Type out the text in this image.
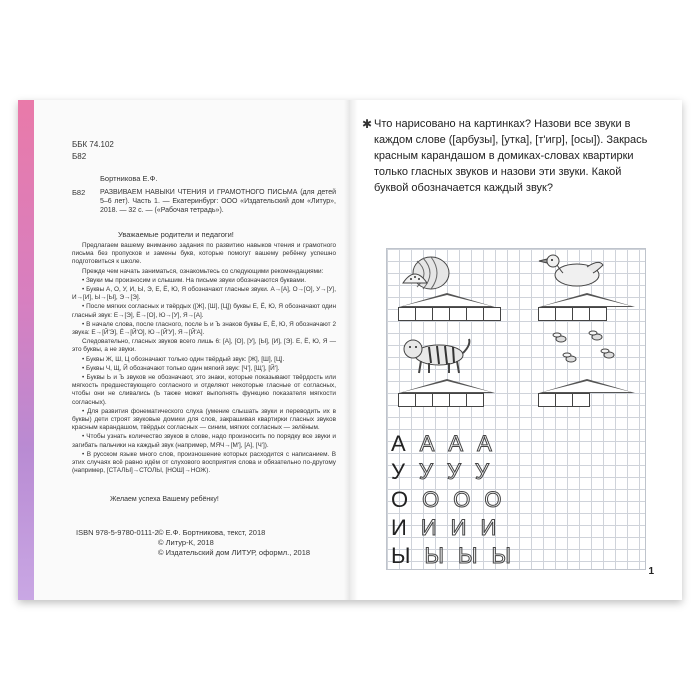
ББК 74.102
Б82
Бортникова Е.Ф.
Б82 РАЗВИВАЕМ НАВЫКИ ЧТЕНИЯ И ГРАМОТНОГО ПИСЬМА (для детей 5–6 лет). Часть 1. — Екатеринбург: ООО «Издательский дом «Литур», 2018. — 32 с. — («Рабочая тетрадь»).
Уважаемые родители и педагоги!

Предлагаем вашему вниманию задания по развитию навыков чтения и грамотного письма без пропусков и замены букв, которые помогут вашему ребёнку успешно подготовиться к школе.

Прежде чем начать заниматься, ознакомьтесь со следующими рекомендациями:

• Звуки мы произносим и слышим. На письме звуки обозначаются буквами.

• Буквы А, О, У, И, Ы, Э, Е, Ё, Ю, Я обозначают гласные звуки. А→[А], О→[О], У→[У], И→[И], Ы→[Ы], Э→[Э].

• После мягких согласных и твёрдых ([Ж], [Ш], [Ц]) буквы Е, Ё, Ю, Я обозначают один гласный звук: Е→[Э], Ё→[О], Ю→[У], Я→[А].

• В начале слова, после гласного, после Ь и Ъ знаков буквы Е, Ё, Ю, Я обозначают 2 звука: Е→[Й'Э], Ё→[Й'О], Ю→[Й'У], Я→[Й'А].

Следовательно, гласных звуков всего лишь 6: [А], [О], [У], [Ы], [И], [Э]. Е, Ё, Ю, Я — это буквы, а не звуки.

• Буквы Ж, Ш, Ц обозначают только один твёрдый звук: [Ж], [Ш], [Ц].

• Буквы Ч, Щ, Й обозначают только один мягкий звук: [Ч'], [Щ'], [Й'].

• Буквы Ь и Ъ звуков не обозначают, это знаки, которые показывают твёрдость или мягкость предшествующего согласного и отделяют некоторые гласные от согласных, чтобы они не сливались (Ь также может выполнять функцию показателя мягкости согласных).

• Для развития фонематического слуха (умение слышать звуки и переводить их в буквы) дети строят звуковые домики для слов, закрашивая квартирки гласных звуков красным карандашом, твёрдых согласных — синим, мягких согласных — зелёным.

• Чтобы узнать количество звуков в слове, надо произносить по порядку все звуки и загибать пальчики на каждый звук (например, МЯЧ→[М'], [А], [Ч']).

• В русском языке много слов, произношение которых расходится с написанием. В этих случаях всё равно идём от слухового восприятия слова и обязательно по-другому (например, [СТАЛЫ]→СТОЛЫ, [НОШ]→НОЖ).

Желаем успеха Вашему ребёнку!
ISBN 978-5-9780-0111-2 © Е.Ф. Бортникова, текст, 2018
© Литур-К, 2018
© Издательский дом ЛИТУР, оформл., 2018
✱ Что нарисовано на картинках? Назови все звуки в каждом слове ([арбузы], [утка], [т'игр], [осы]). Закрась красным карандашом в домиках-словах квартирки только гласных звуков и назови эти звуки. Какой буквой обозначается каждый звук?
А А А А
У У У У
О О О О
И И И И
Ы Ы Ы Ы
1
